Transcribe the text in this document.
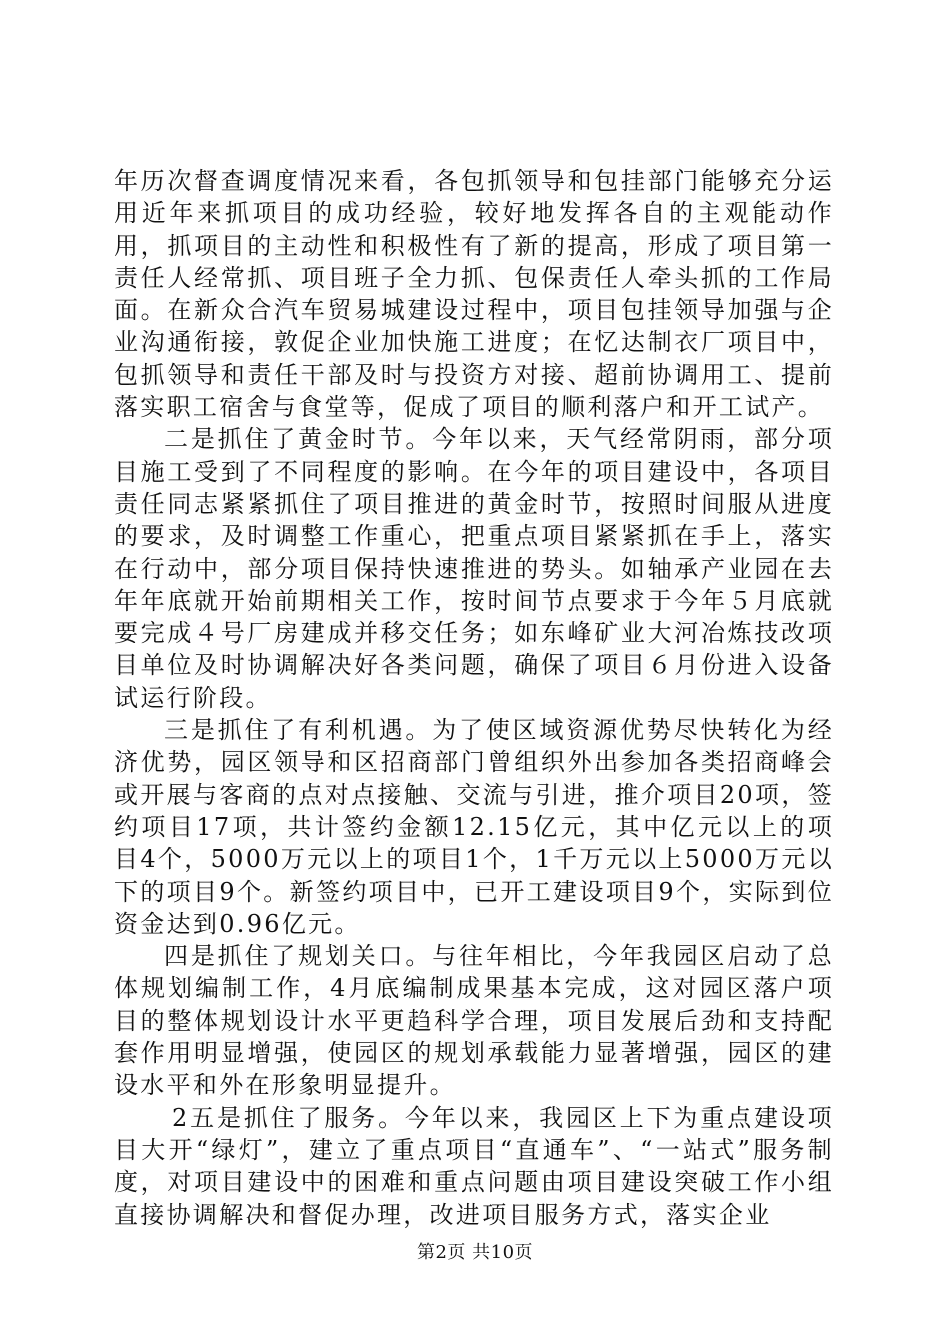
年历次督查调度情况来看，各包抓领导和包挂部门能够充分运用近年来抓项目的成功经验，较好地发挥各自的主观能动作用，抓项目的主动性和积极性有了新的提高，形成了项目第一责任人经常抓、项目班子全力抓、包保责任人牵头抓的工作局面。在新众合汽车贸易城建设过程中，项目包挂领导加强与企业沟通衔接，敦促企业加快施工进度；在忆达制衣厂项目中，包抓领导和责任干部及时与投资方对接、超前协调用工、提前落实职工宿舍与食堂等，促成了项目的顺利落户和开工试产。

二是抓住了黄金时节。今年以来，天气经常阴雨，部分项目施工受到了不同程度的影响。在今年的项目建设中，各项目责任同志紧紧抓住了项目推进的黄金时节，按照时间服从进度的要求，及时调整工作重心，把重点项目紧紧抓在手上，落实在行动中，部分项目保持快速推进的势头。如轴承产业园在去年年底就开始前期相关工作，按时间节点要求于今年５月底就要完成４号厂房建成并移交任务；如东峰矿业大河冶炼技改项目单位及时协调解决好各类问题，确保了项目６月份进入设备试运行阶段。

三是抓住了有利机遇。为了使区域资源优势尽快转化为经济优势，园区领导和区招商部门曾组织外出参加各类招商峰会或开展与客商的点对点接触、交流与引进，推介项目20项，签约项目17项，共计签约金额12.15亿元，其中亿元以上的项目4个，5000万元以上的项目1个，1千万元以上5000万元以下的项目9个。新签约项目中，已开工建设项目9个，实际到位资金达到0.96亿元。

四是抓住了规划关口。与往年相比，今年我园区启动了总体规划编制工作，4月底编制成果基本完成，这对园区落户项目的整体规划设计水平更趋科学合理，项目发展后劲和支持配套作用明显增强，使园区的规划承载能力显著增强，园区的建设水平和外在形象明显提升。

2五是抓住了服务。今年以来，我园区上下为重点建设项目大开“绿灯”，建立了重点项目“直通车”、“一站式”服务制度，对项目建设中的困难和重点问题由项目建设突破工作小组直接协调解决和督促办理，改进项目服务方式，落实企业

第2页 共10页
